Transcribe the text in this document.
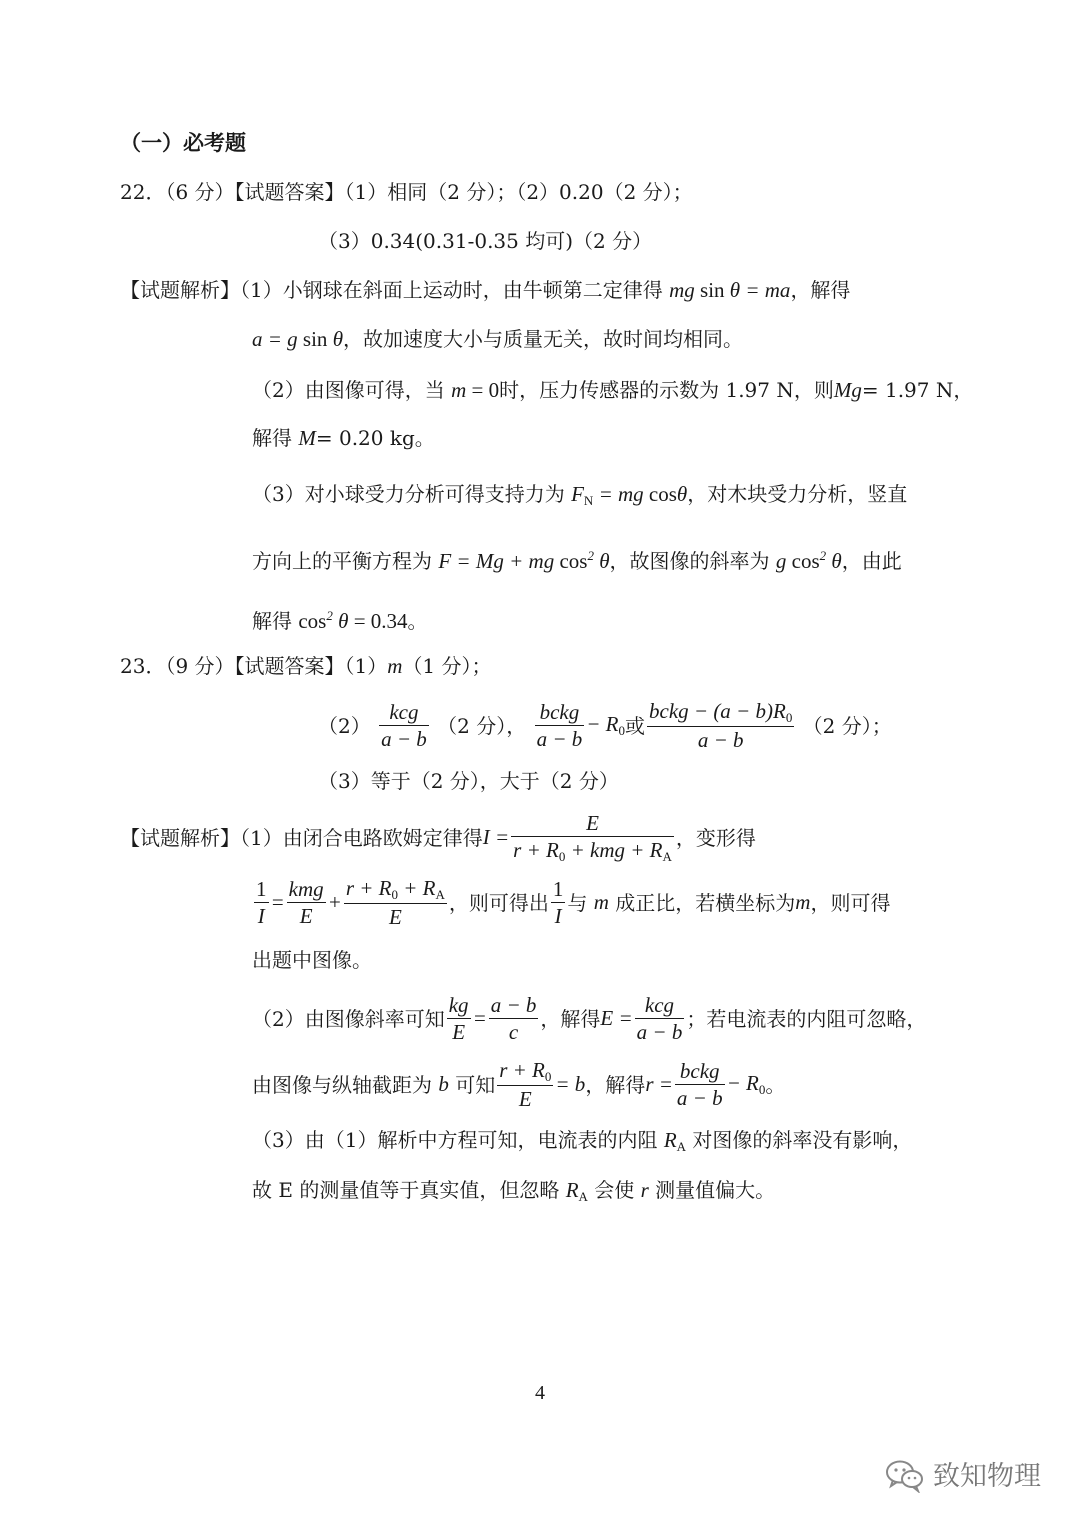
（一）必考题
22．（6 分）【试题答案】（1）相同（2 分）；（2）0.20（2 分）；
（3）0.34(0.31-0.35 均可)（2 分）
【试题解析】（1）小钢球在斜面上运动时，由牛顿第二定律得 mg sin θ = ma，解得
a = g sin θ，故加速度大小与质量无关，故时间均相同。
（2）由图像可得，当 m = 0时，压力传感器的示数为 1.97 N，则Mg= 1.97 N，
解得 M= 0.20 kg。
（3）对小球受力分析可得支持力为 $F_N$ = mg cosθ，对木块受力分析，竖直
方向上的平衡方程为 F = Mg + mg $\cos^2 \theta$，故图像的斜率为 g $\cos^2 \theta$，由此
解得 $\cos^2 \theta = 0.34$。
23．（9 分）【试题答案】（1）m（1 分）；
$(2) \frac{\text{kcg}}{a - b} (2$ 分）， $\frac{\text{bckg}}{a - b} - R_0$或 $\frac{bckg - (a - b)R_0}{a - b} (2$ 分）；
（3）等于（2 分），大于（2 分）
【试题解析】（1）由闭合电路欧姆定律得$I = \frac{E}{r + R_0 + kmg + R_A}$ ，变形得
$\frac{1}{I} = \frac{\text{kmg}}{E} + \frac{r + R_0 + R_A}{E}$ ，则可得出 $\frac{1}{I}$ 与 m 成正比，若横坐标为m，则可得
出题中图像。
（2）由图像斜率可知 $\frac{kg}{E} = \frac{a - b}{c}$ ，解得$E = \frac{\text{kcg}}{a - b}$ ；若电流表的内阻可忽略，
由图像与纵轴截距为 b 可知 $\frac{r + R_0}{E} = b$，解得$r = \frac{\text{bckg}}{a - b} - R_0$。
（3）由（1）解析中方程可知，电流表的内阻 $R_A$ 对图像的斜率没有影响，
故 E 的测量值等于真实值，但忽略 $R_A$ 会使 r 测量值偏大。
4
致知物理
